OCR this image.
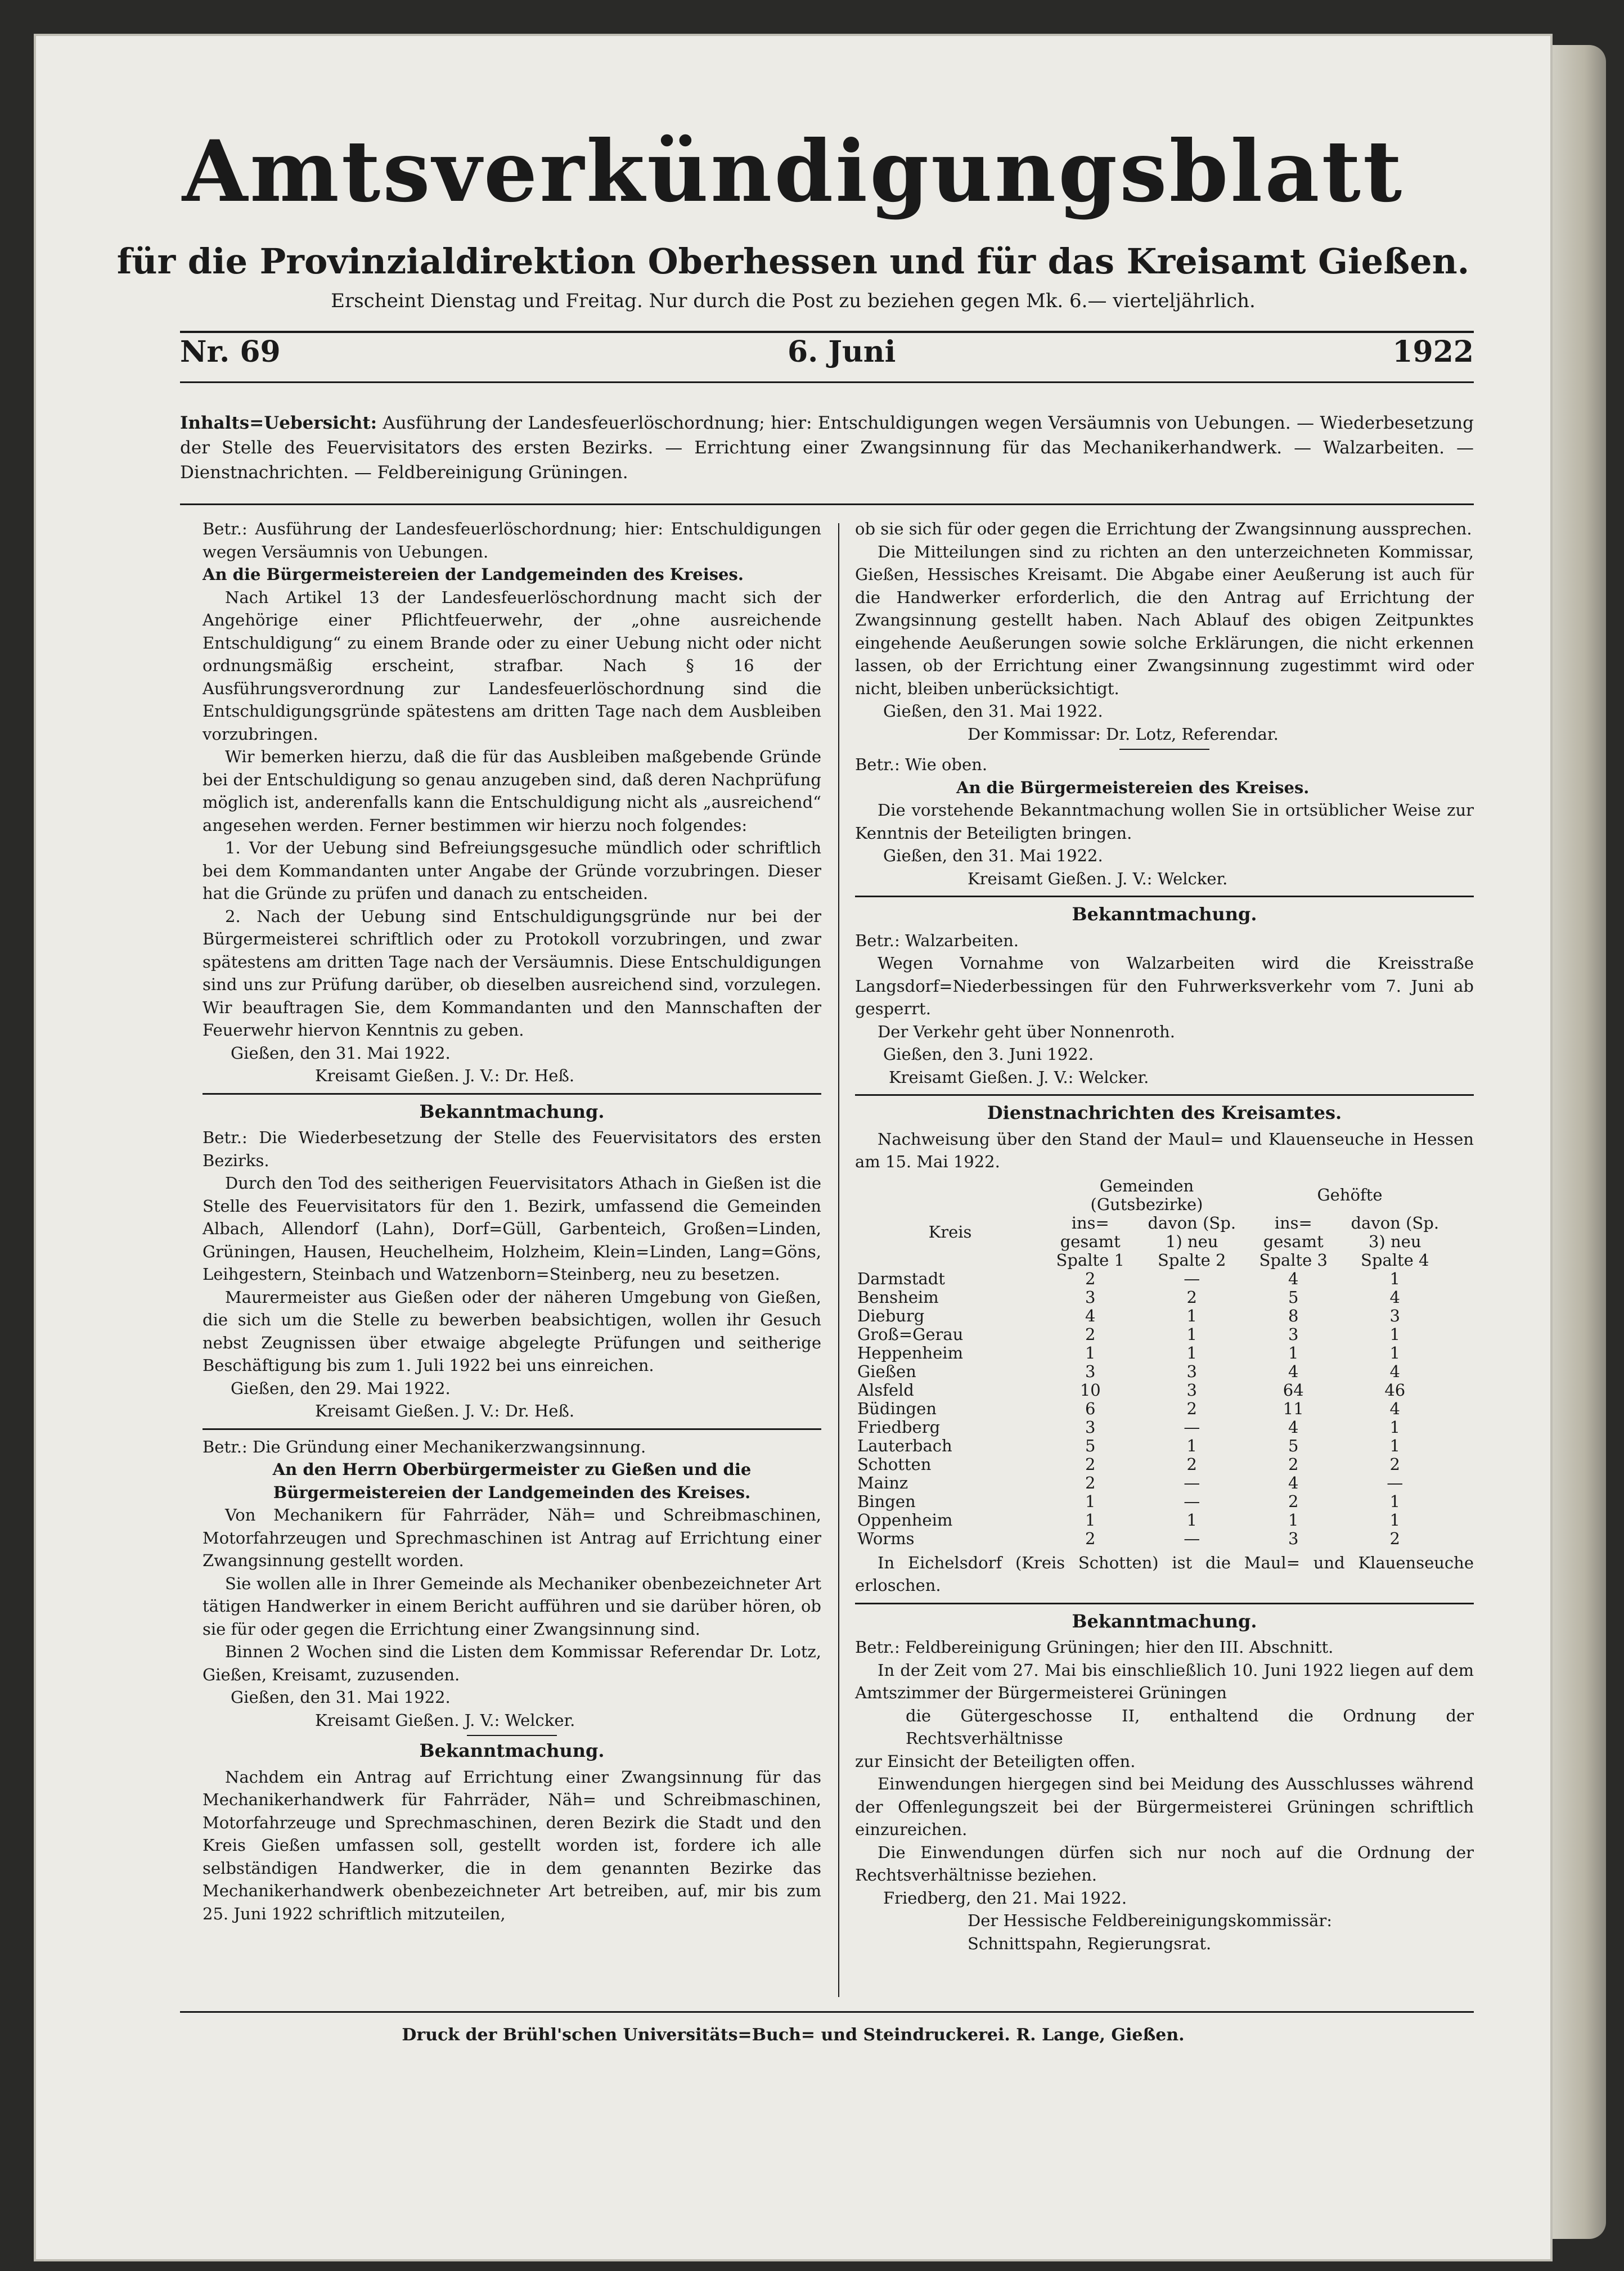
Amtsverkündigungsblatt
für die Provinzialdirektion Oberhessen und für das Kreisamt Gießen.
Erscheint Dienstag und Freitag. Nur durch die Post zu beziehen gegen Mk. 6.— vierteljährlich.
Nr. 69	6. Juni	1922
Inhalts=Uebersicht: Ausführung der Landesfeuerlöschordnung; hier: Entschuldigungen wegen Versäumnis von Uebungen. — Wiederbesetzung der Stelle des Feuervisitators des ersten Bezirks. — Errichtung einer Zwangsinnung für das Mechanikerhandwerk. — Walzarbeiten. — Dienstnachrichten. — Feldbereinigung Grüningen.

Betr.: Ausführung der Landesfeuerlöschordnung; hier: Entschuldigungen wegen Versäumnis von Uebungen.

An die Bürgermeistereien der Landgemeinden des Kreises.

Nach Artikel 13 der Landesfeuerlöschordnung macht sich der Angehörige einer Pflichtfeuerwehr, der „ohne ausreichende Entschuldigung“ zu einem Brande oder zu einer Uebung nicht oder nicht ordnungsmäßig erscheint, strafbar. Nach § 16 der Ausführungsverordnung zur Landesfeuerlöschordnung sind die Entschuldigungsgründe spätestens am dritten Tage nach dem Ausbleiben vorzubringen.

Wir bemerken hierzu, daß die für das Ausbleiben maßgebende Gründe bei der Entschuldigung so genau anzugeben sind, daß deren Nachprüfung möglich ist, anderenfalls kann die Entschuldigung nicht als „ausreichend“ angesehen werden. Ferner bestimmen wir hierzu noch folgendes:

1. Vor der Uebung sind Befreiungsgesuche mündlich oder schriftlich bei dem Kommandanten unter Angabe der Gründe vorzubringen. Dieser hat die Gründe zu prüfen und danach zu entscheiden.

2. Nach der Uebung sind Entschuldigungsgründe nur bei der Bürgermeisterei schriftlich oder zu Protokoll vorzubringen, und zwar spätestens am dritten Tage nach der Versäumnis. Diese Entschuldigungen sind uns zur Prüfung darüber, ob dieselben ausreichend sind, vorzulegen. Wir beauftragen Sie, dem Kommandanten und den Mannschaften der Feuerwehr hiervon Kenntnis zu geben.

Gießen, den 31. Mai 1922.

Kreisamt Gießen. J. V.: Dr. Heß.

Bekanntmachung.

Betr.: Die Wiederbesetzung der Stelle des Feuervisitators des ersten Bezirks.

Durch den Tod des seitherigen Feuervisitators Athach in Gießen ist die Stelle des Feuervisitators für den 1. Bezirk, umfassend die Gemeinden Albach, Allendorf (Lahn), Dorf=Güll, Garbenteich, Großen=Linden, Grüningen, Hausen, Heuchelheim, Holzheim, Klein=Linden, Lang=Göns, Leihgestern, Steinbach und Watzenborn=Steinberg, neu zu besetzen.

Maurermeister aus Gießen oder der näheren Umgebung von Gießen, die sich um die Stelle zu bewerben beabsichtigen, wollen ihr Gesuch nebst Zeugnissen über etwaige abgelegte Prüfungen und seitherige Beschäftigung bis zum 1. Juli 1922 bei uns einreichen.

Gießen, den 29. Mai 1922.

Kreisamt Gießen. J. V.: Dr. Heß.

Betr.: Die Gründung einer Mechanikerzwangsinnung.

An den Herrn Oberbürgermeister zu Gießen und die Bürgermeistereien der Landgemeinden des Kreises.

Von Mechanikern für Fahrräder, Näh= und Schreibmaschinen, Motorfahrzeugen und Sprechmaschinen ist Antrag auf Errichtung einer Zwangsinnung gestellt worden.

Sie wollen alle in Ihrer Gemeinde als Mechaniker obenbezeichneter Art tätigen Handwerker in einem Bericht aufführen und sie darüber hören, ob sie für oder gegen die Errichtung einer Zwangsinnung sind.

Binnen 2 Wochen sind die Listen dem Kommissar Referendar Dr. Lotz, Gießen, Kreisamt, zuzusenden.

Gießen, den 31. Mai 1922.

Kreisamt Gießen. J. V.: Welcker.

Bekanntmachung.

Nachdem ein Antrag auf Errichtung einer Zwangsinnung für das Mechanikerhandwerk für Fahrräder, Näh= und Schreibmaschinen, Motorfahrzeuge und Sprechmaschinen, deren Bezirk die Stadt und den Kreis Gießen umfassen soll, gestellt worden ist, fordere ich alle selbständigen Handwerker, die in dem genannten Bezirke das Mechanikerhandwerk obenbezeichneter Art betreiben, auf, mir bis zum 25. Juni 1922 schriftlich mitzuteilen,

ob sie sich für oder gegen die Errichtung der Zwangsinnung aussprechen.

Die Mitteilungen sind zu richten an den unterzeichneten Kommissar, Gießen, Hessisches Kreisamt. Die Abgabe einer Aeußerung ist auch für die Handwerker erforderlich, die den Antrag auf Errichtung der Zwangsinnung gestellt haben. Nach Ablauf des obigen Zeitpunktes eingehende Aeußerungen sowie solche Erklärungen, die nicht erkennen lassen, ob der Errichtung einer Zwangsinnung zugestimmt wird oder nicht, bleiben unberücksichtigt.

Gießen, den 31. Mai 1922.

Der Kommissar: Dr. Lotz, Referendar.

Betr.: Wie oben.

An die Bürgermeistereien des Kreises.

Die vorstehende Bekanntmachung wollen Sie in ortsüblicher Weise zur Kenntnis der Beteiligten bringen.

Gießen, den 31. Mai 1922.

Kreisamt Gießen. J. V.: Welcker.

Bekanntmachung.

Betr.: Walzarbeiten.

Wegen Vornahme von Walzarbeiten wird die Kreisstraße Langsdorf=Niederbessingen für den Fuhrwerksverkehr vom 7. Juni ab gesperrt.

Der Verkehr geht über Nonnenroth.

Gießen, den 3. Juni 1922.

Kreisamt Gießen. J. V.: Welcker.

Dienstnachrichten des Kreisamtes.

Nachweisung über den Stand der Maul= und Klauenseuche in Hessen am 15. Mai 1922.

	Gemeinden (Gutsbezirke)		Gehöfte	
Kreis	ins= gesamt	davon (Sp. 1) neu	ins= gesamt	davon (Sp. 3) neu
	Spalte 1	Spalte 2	Spalte 3	Spalte 4
Darmstadt	2	—	4	1
Bensheim	3	2	5	4
Dieburg	4	1	8	3
Groß=Gerau	2	1	3	1
Heppenheim	1	1	1	1
Gießen	3	3	4	4
Alsfeld	10	3	64	46
Büdingen	6	2	11	4
Friedberg	3	—	4	1
Lauterbach	5	1	5	1
Schotten	2	2	2	2
Mainz	2	—	4	—
Bingen	1	—	2	1
Oppenheim	1	1	1	1
Worms	2	—	3	2

In Eichelsdorf (Kreis Schotten) ist die Maul= und Klauenseuche erloschen.

Bekanntmachung.

Betr.: Feldbereinigung Grüningen; hier den III. Abschnitt.

In der Zeit vom 27. Mai bis einschließlich 10. Juni 1922 liegen auf dem Amtszimmer der Bürgermeisterei Grüningen

die Gütergeschosse II, enthaltend die Ordnung der Rechtsverhältnisse

zur Einsicht der Beteiligten offen.

Einwendungen hiergegen sind bei Meidung des Ausschlusses während der Offenlegungszeit bei der Bürgermeisterei Grüningen schriftlich einzureichen.

Die Einwendungen dürfen sich nur noch auf die Ordnung der Rechtsverhältnisse beziehen.

Friedberg, den 21. Mai 1922.

Der Hessische Feldbereinigungskommissär:

Schnittspahn, Regierungsrat.

Druck der Brühl'schen Universitäts=Buch= und Steindruckerei. R. Lange, Gießen.
